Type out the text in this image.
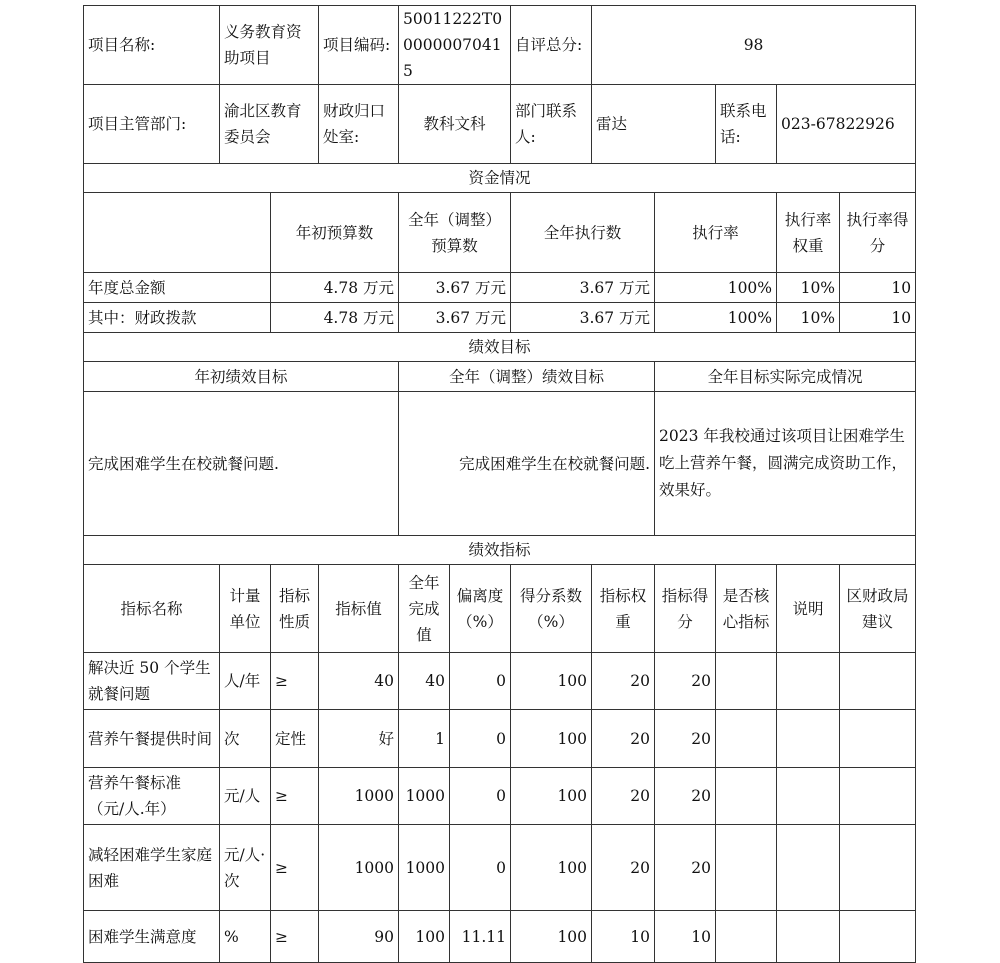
项目名称:	义务教育资助项目		项目编码:	50011222T000000070415		自评总分:	98				
项目主管部门:	渝北区教育委员会		财政归口处室:	教科文科		部门联系人:	雷达		联系电话:	023-67822926	
资金情况											
		年初预算数		全年（调整）预算数		全年执行数		执行率		执行率权重	执行率得分
年度总金额		4.78 万元		3.67 万元		3.67 万元		100%		10%	10
其中：财政拨款		4.78 万元		3.67 万元		3.67 万元		100%		10%	10
绩效目标											
年初绩效目标				全年（调整）绩效目标				全年目标实际完成情况			
完成困难学生在校就餐问题.				完成困难学生在校就餐问题.				2023 年我校通过该项目让困难学生吃上营养午餐，圆满完成资助工作，效果好。			
绩效指标											
指标名称	计量单位	指标性质	指标值	全年完成值	偏离度（%）	得分系数（%）	指标权重	指标得分	是否核心指标	说明	区财政局建议
解决近 50 个学生就餐问题	人/年	≥	40	40	0	100	20	20			
营养午餐提供时间	次	定性	好	1	0	100	20	20			
营养午餐标准（元/人.年）	元/人	≥	1000	1000	0	100	20	20			
减轻困难学生家庭困难	元/人·次	≥	1000	1000	0	100	20	20			
困难学生满意度	%	≥	90	100	11.11	100	10	10			
